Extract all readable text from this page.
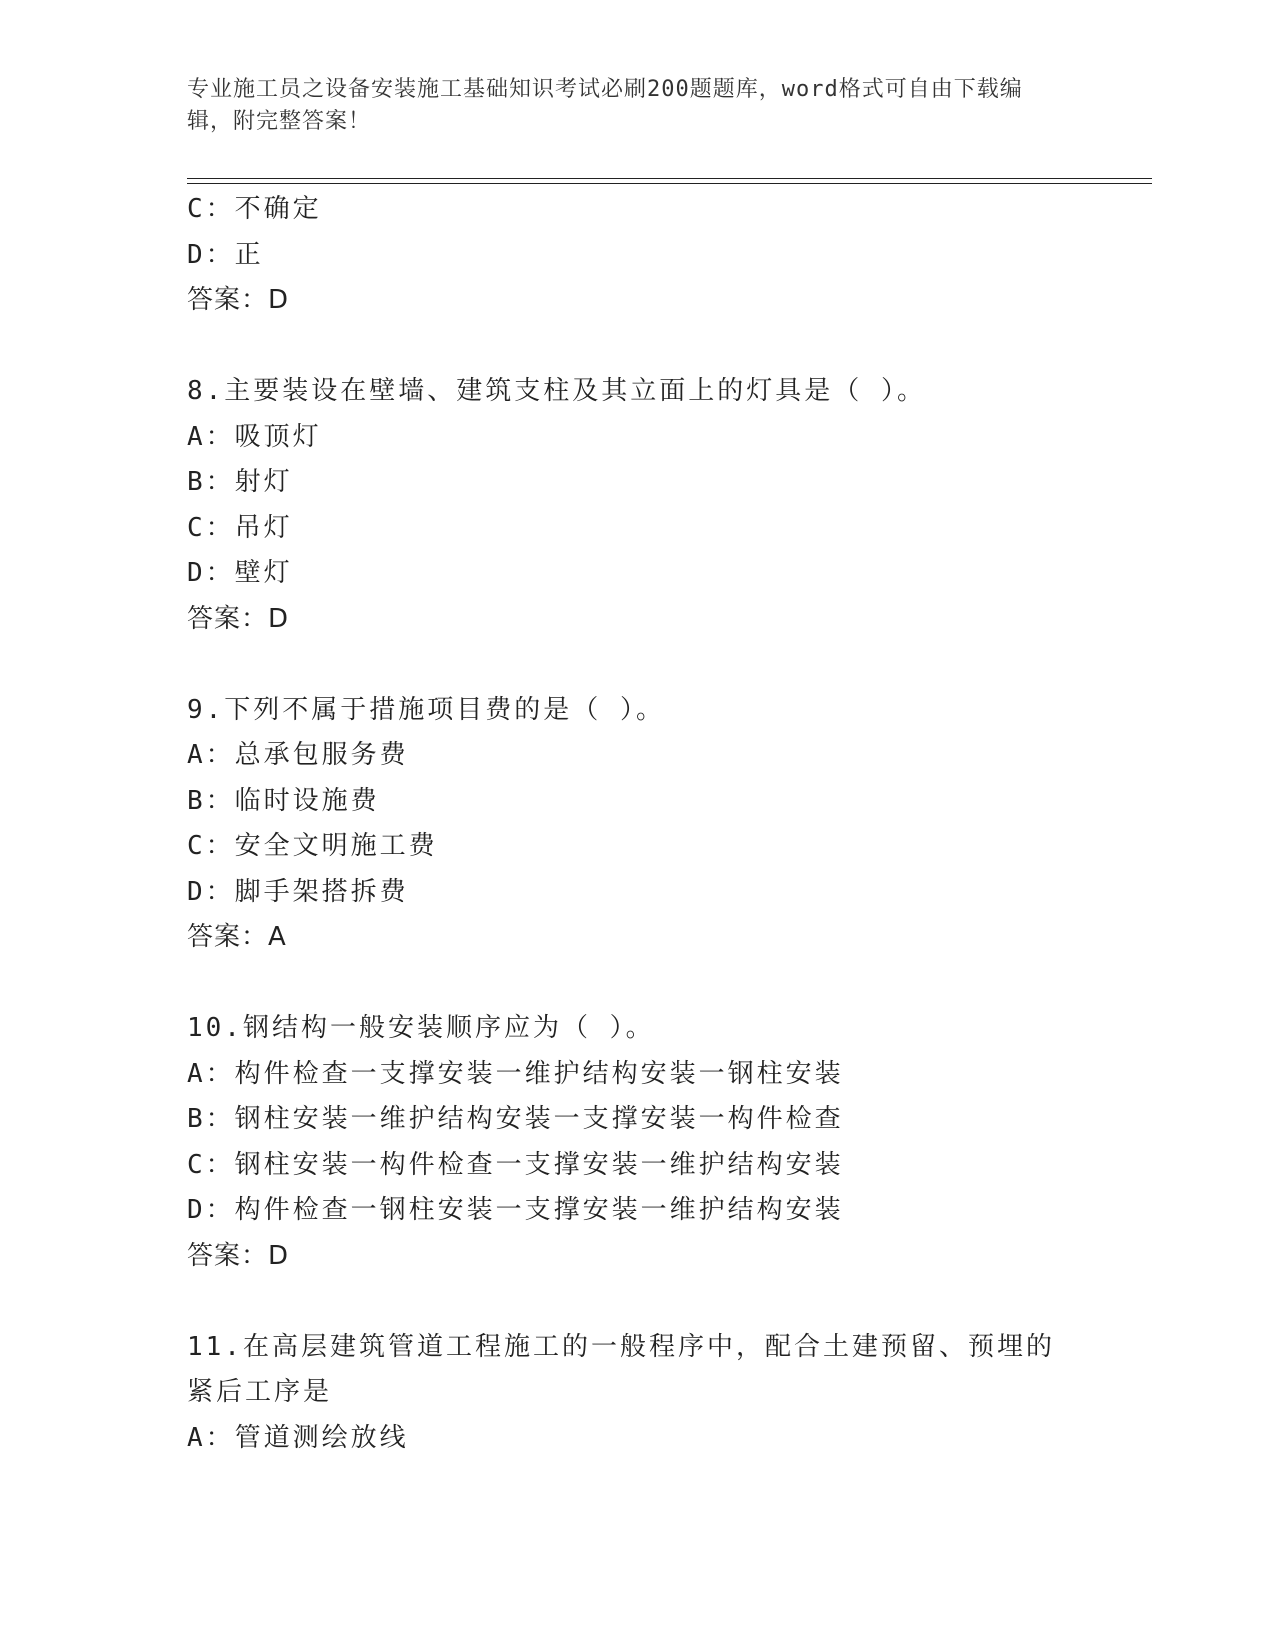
专业施工员之设备安装施工基础知识考试必刷200题题库，word格式可自由下载编辑，附完整答案！
C：不确定
D：正
答案：D
8.主要装设在壁墙、建筑支柱及其立面上的灯具是（ ）。
A：吸顶灯
B：射灯
C：吊灯
D：壁灯
答案：D
9.下列不属于措施项目费的是（ ）。
A：总承包服务费
B：临时设施费
C：安全文明施工费
D：脚手架搭拆费
答案：A
10.钢结构一般安装顺序应为（ ）。
A：构件检查一支撑安装一维护结构安装一钢柱安装
B：钢柱安装一维护结构安装一支撑安装一构件检查
C：钢柱安装一构件检查一支撑安装一维护结构安装
D：构件检查一钢柱安装一支撑安装一维护结构安装
答案：D
11.在高层建筑管道工程施工的一般程序中，配合土建预留、预埋的紧后工序是
A：管道测绘放线
